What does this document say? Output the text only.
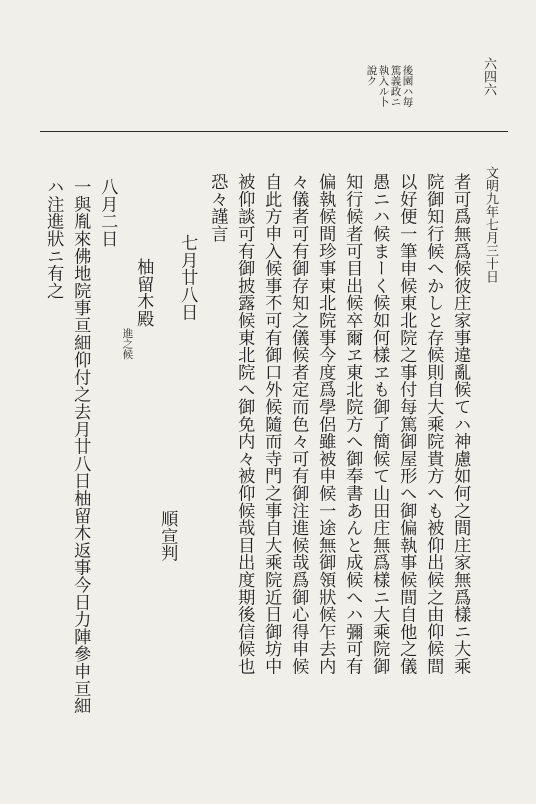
六四六
後園ハ毎
篤義政ニ
執入ル卜
說ク
文明九年七月三十日
者可爲無爲候彼庄家事違亂候てハ神慮如何之間庄家無爲樣ニ大乘
院御知行候へかしと存候則自大乘院貴方へも被仰出候之由仰候間
以好便一筆申候東北院之事付每篤御屋形へ御偏執事候間自他之儀
愚ニハ候まーく候如何樣ヱも御了簡候て山田庄無爲樣ニ大乘院御
知行候者可目出候卒爾ヱ東北院方へ御奉書あんと成候へハ彌可有
偏執候間珍事東北院事今度爲學侶雖被申候一途無御領狀候乍去内
々儀者可有御存知之儀候者定而色々可有御注進候哉爲御心得申候
自此方申入候事不可有御口外候隨而寺門之事自大乘院近日御坊中
被仰談可有御披露候東北院へ御免内々被仰候哉目出度期後信候也
恐々謹言
七月廿八日
順宣判
柚留木殿
進之候
八月二日
一與胤來佛地院事亘細仰付之去月廿八日柚留木返事今日力陣參申亘細
ハ注進狀ニ有之
